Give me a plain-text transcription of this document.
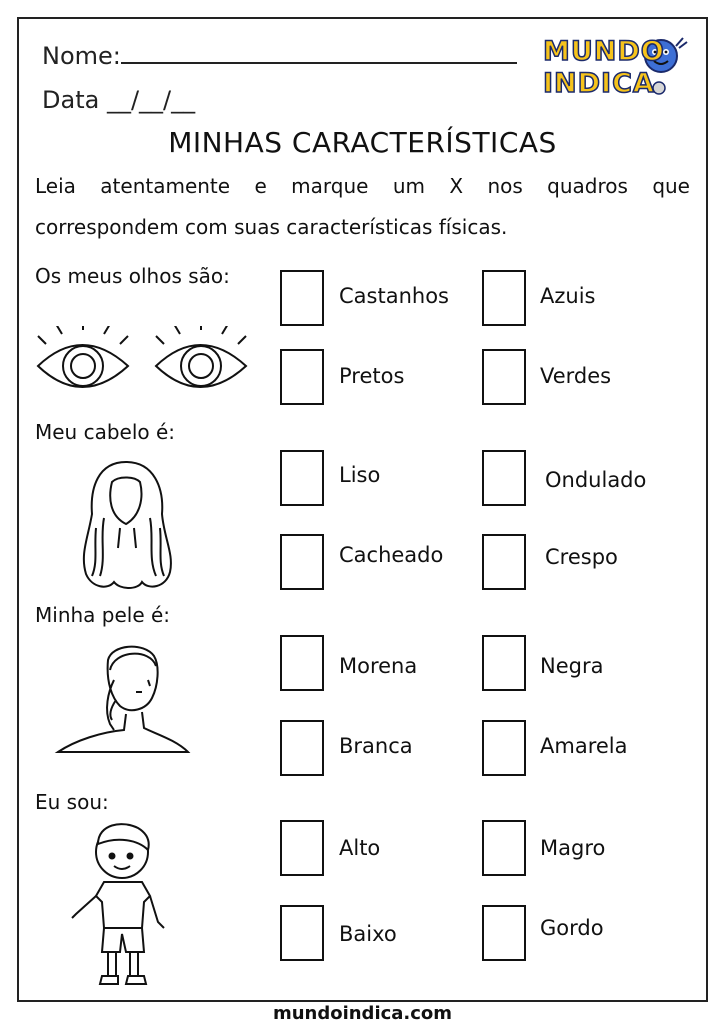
Nome:
Data __/__/__
MUNDO
INDICA
MINHAS CARACTERÍSTICAS
Leia atentamente e marque um X nos quadros que
correspondem com suas características físicas.
Os meus olhos são:
Meu cabelo é:
Minha pele é:
Eu sou:
Castanhos	Azuis
Pretos	Verdes
Liso	Ondulado
Cacheado	Crespo
Morena	Negra
Branca	Amarela
Alto	Magro
Baixo	Gordo
mundoindica.com
